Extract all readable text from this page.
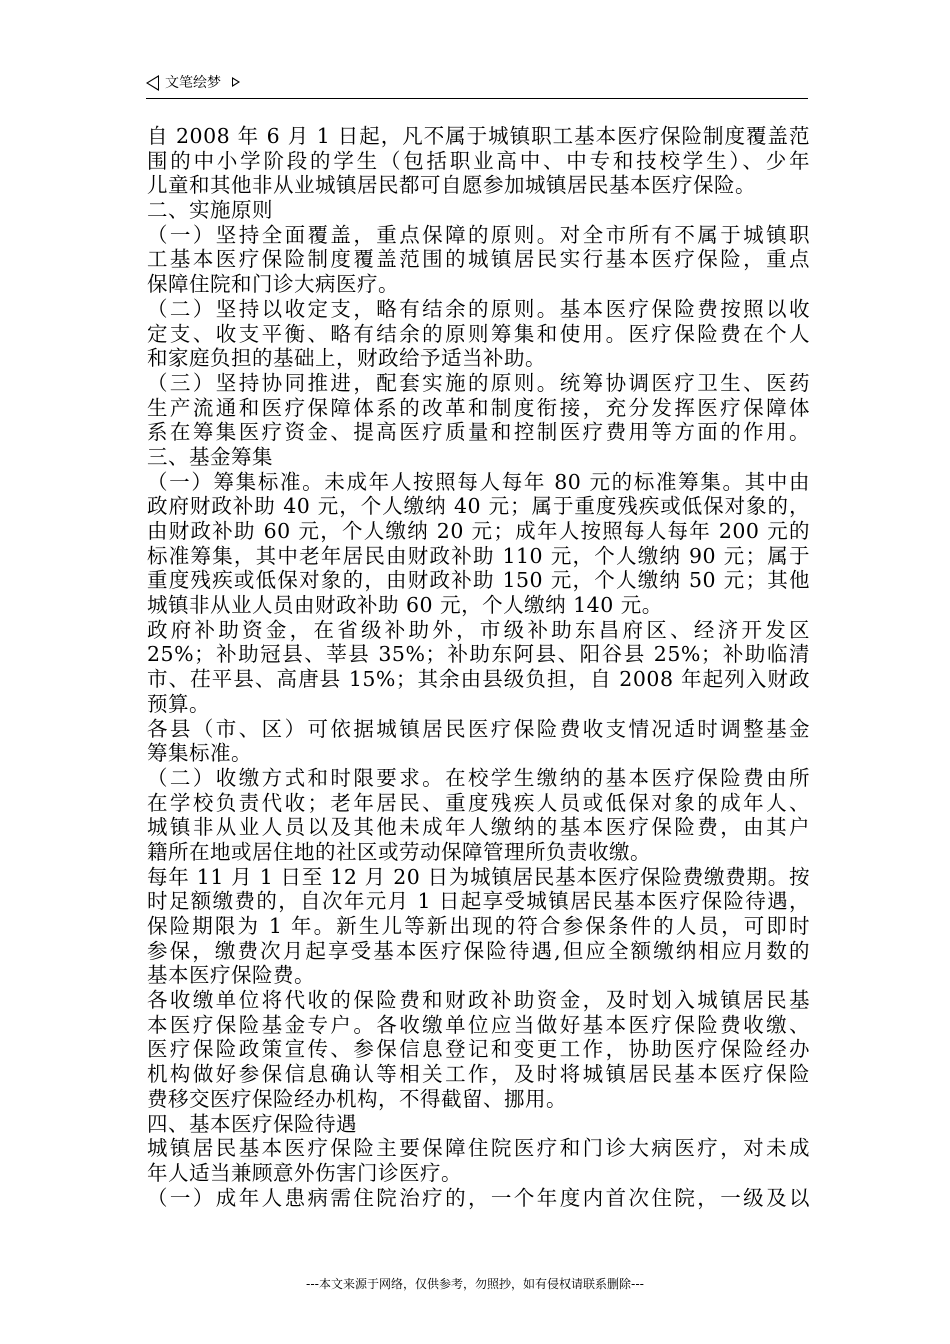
文笔绘梦
自 2008 年 6 月 1 日起，凡不属于城镇职工基本医疗保险制度覆盖范
围的中小学阶段的学生（包括职业高中、中专和技校学生）、少年
儿童和其他非从业城镇居民都可自愿参加城镇居民基本医疗保险。
二、实施原则
（一）坚持全面覆盖，重点保障的原则。对全市所有不属于城镇职
工基本医疗保险制度覆盖范围的城镇居民实行基本医疗保险，重点
保障住院和门诊大病医疗。
（二）坚持以收定支，略有结余的原则。基本医疗保险费按照以收
定支、收支平衡、略有结余的原则筹集和使用。医疗保险费在个人
和家庭负担的基础上，财政给予适当补助。
（三）坚持协同推进，配套实施的原则。统筹协调医疗卫生、医药
生产流通和医疗保障体系的改革和制度衔接，充分发挥医疗保障体
系在筹集医疗资金、提高医疗质量和控制医疗费用等方面的作用。
三、基金筹集
（一）筹集标准。未成年人按照每人每年 80 元的标准筹集。其中由
政府财政补助 40 元，个人缴纳 40 元；属于重度残疾或低保对象的，
由财政补助 60 元，个人缴纳 20 元；成年人按照每人每年 200 元的
标准筹集，其中老年居民由财政补助 110 元，个人缴纳 90 元；属于
重度残疾或低保对象的，由财政补助 150 元，个人缴纳 50 元；其他
城镇非从业人员由财政补助 60 元，个人缴纳 140 元。
政府补助资金，在省级补助外，市级补助东昌府区、经济开发区
25%；补助冠县、莘县 35%；补助东阿县、阳谷县 25%；补助临清
市、茌平县、高唐县 15%；其余由县级负担，自 2008 年起列入财政
预算。
各县（市、区）可依据城镇居民医疗保险费收支情况适时调整基金
筹集标准。
（二）收缴方式和时限要求。在校学生缴纳的基本医疗保险费由所
在学校负责代收；老年居民、重度残疾人员或低保对象的成年人、
城镇非从业人员以及其他未成年人缴纳的基本医疗保险费，由其户
籍所在地或居住地的社区或劳动保障管理所负责收缴。
每年 11 月 1 日至 12 月 20 日为城镇居民基本医疗保险费缴费期。按
时足额缴费的，自次年元月 1 日起享受城镇居民基本医疗保险待遇，
保险期限为 1 年。新生儿等新出现的符合参保条件的人员，可即时
参保，缴费次月起享受基本医疗保险待遇,但应全额缴纳相应月数的
基本医疗保险费。
各收缴单位将代收的保险费和财政补助资金，及时划入城镇居民基
本医疗保险基金专户。各收缴单位应当做好基本医疗保险费收缴、
医疗保险政策宣传、参保信息登记和变更工作，协助医疗保险经办
机构做好参保信息确认等相关工作，及时将城镇居民基本医疗保险
费移交医疗保险经办机构，不得截留、挪用。
四、基本医疗保险待遇
城镇居民基本医疗保险主要保障住院医疗和门诊大病医疗，对未成
年人适当兼顾意外伤害门诊医疗。
（一）成年人患病需住院治疗的，一个年度内首次住院，一级及以
---本文来源于网络，仅供参考，勿照抄，如有侵权请联系删除---
